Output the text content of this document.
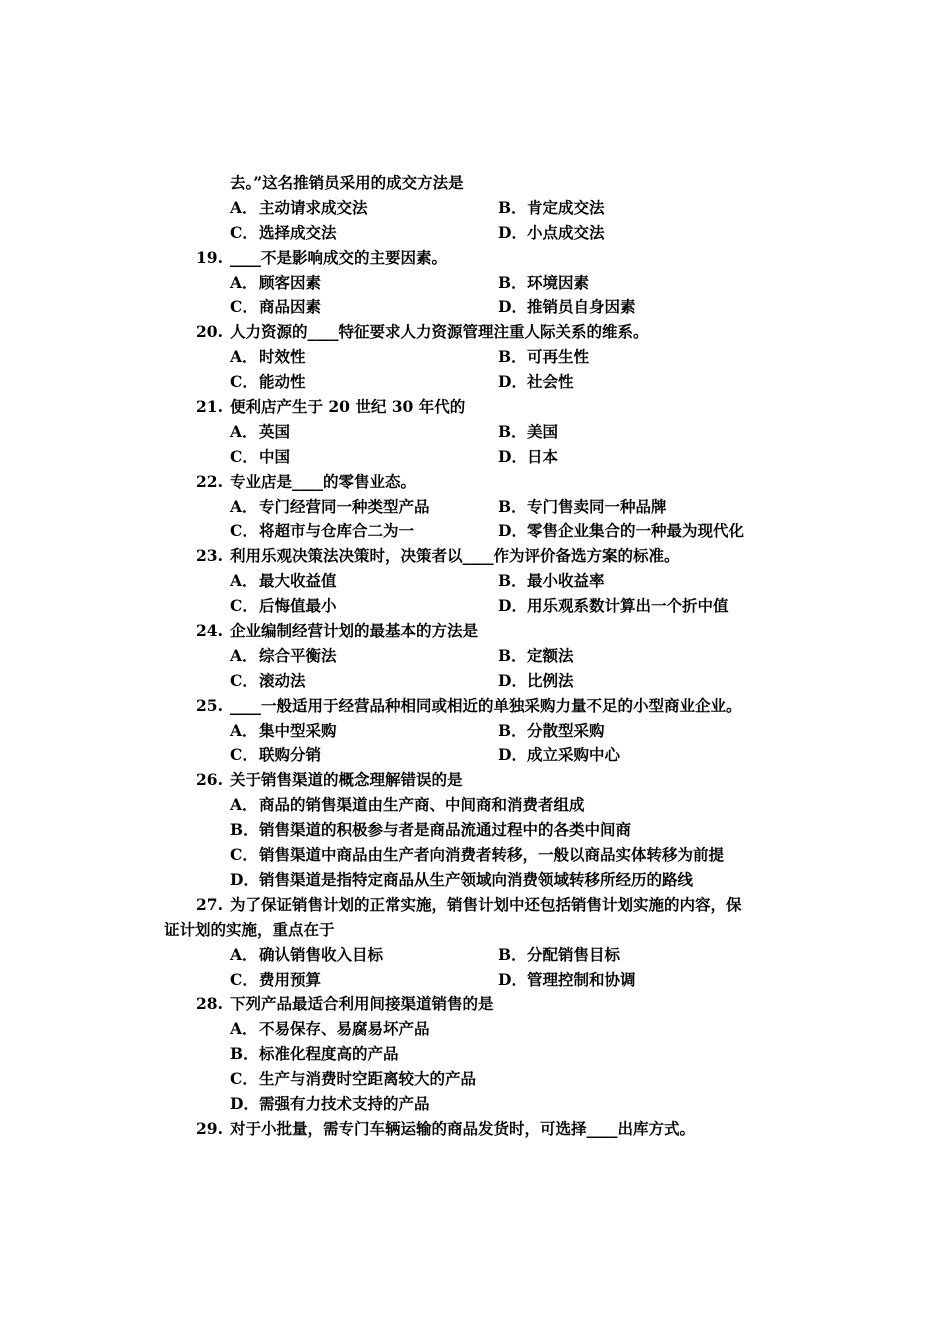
去。”这名推销员采用的成交方法是
A．主动请求成交法	B．肯定成交法
C．选择成交法	D．小点成交法
19. ____不是影响成交的主要因素。
A．顾客因素	B．环境因素
C．商品因素	D．推销员自身因素
20. 人力资源的____特征要求人力资源管理注重人际关系的维系。
A．时效性	B．可再生性
C．能动性	D．社会性
21. 便利店产生于 20 世纪 30 年代的
A．英国	B．美国
C．中国	D．日本
22. 专业店是____的零售业态。
A．专门经营同一种类型产品	B．专门售卖同一种品牌
C．将超市与仓库合二为一	D．零售企业集合的一种最为现代化
23. 利用乐观决策法决策时，决策者以____作为评价备选方案的标准。
A．最大收益值	B．最小收益率
C．后悔值最小	D．用乐观系数计算出一个折中值
24. 企业编制经营计划的最基本的方法是
A．综合平衡法	B．定额法
C．滚动法	D．比例法
25. ____一般适用于经营品种相同或相近的单独采购力量不足的小型商业企业。
A．集中型采购	B．分散型采购
C．联购分销	D．成立采购中心
26. 关于销售渠道的概念理解错误的是
A．商品的销售渠道由生产商、中间商和消费者组成
B．销售渠道的积极参与者是商品流通过程中的各类中间商
C．销售渠道中商品由生产者向消费者转移，一般以商品实体转移为前提
D．销售渠道是指特定商品从生产领域向消费领域转移所经历的路线
27. 为了保证销售计划的正常实施，销售计划中还包括销售计划实施的内容，保
证计划的实施，重点在于
A．确认销售收入目标	B．分配销售目标
C．费用预算	D．管理控制和协调
28. 下列产品最适合利用间接渠道销售的是
A．不易保存、易腐易坏产品
B．标准化程度高的产品
C．生产与消费时空距离较大的产品
D．需强有力技术支持的产品
29. 对于小批量，需专门车辆运输的商品发货时，可选择____出库方式。
